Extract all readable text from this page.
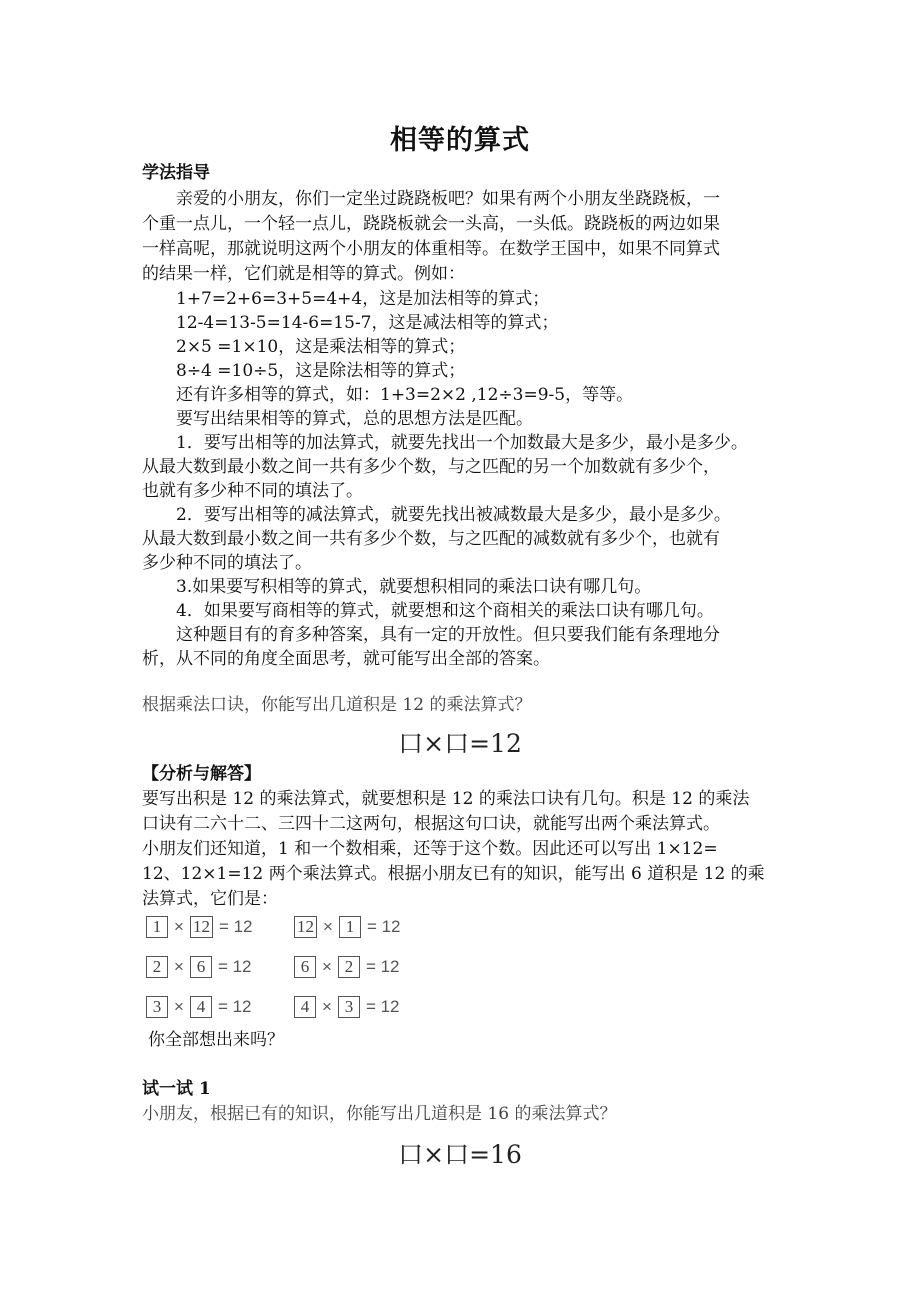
相等的算式
学法指导
亲爱的小朋友，你们一定坐过跷跷板吧？如果有两个小朋友坐跷跷板，一
个重一点儿，一个轻一点儿，跷跷板就会一头高，一头低。跷跷板的两边如果
一样高呢，那就说明这两个小朋友的体重相等。在数学王国中，如果不同算式
的结果一样，它们就是相等的算式。例如：
1+7=2+6=3+5=4+4，这是加法相等的算式；
12-4=13-5=14-6=15-7，这是减法相等的算式；
2×5 =1×10，这是乘法相等的算式；
8÷4 =10÷5，这是除法相等的算式；
还有许多相等的算式，如：1+3=2×2 ,12÷3=9-5，等等。
要写出结果相等的算式，总的思想方法是匹配。
1．要写出相等的加法算式，就要先找出一个加数最大是多少，最小是多少。
从最大数到最小数之间一共有多少个数，与之匹配的另一个加数就有多少个，
也就有多少种不同的填法了。
2．要写出相等的减法算式，就要先找出被减数最大是多少，最小是多少。
从最大数到最小数之间一共有多少个数，与之匹配的减数就有多少个，也就有
多少种不同的填法了。
3.如果要写积相等的算式，就要想积相同的乘法口诀有哪几句。
4．如果要写商相等的算式，就要想和这个商相关的乘法口诀有哪几句。
这种题目有的育多种答案，具有一定的开放性。但只要我们能有条理地分
析，从不同的角度全面思考，就可能写出全部的答案。
根据乘法口诀，你能写出几道积是 12 的乘法算式？
口×口=12
【分析与解答】
要写出积是 12 的乘法算式，就要想积是 12 的乘法口诀有几句。积是 12 的乘法
口诀有二六十二、三四十二这两句，根据这句口诀，就能写出两个乘法算式。
小朋友们还知道，1 和一个数相乘，还等于这个数。因此还可以写出 1×12=
12、12×1=12 两个乘法算式。根据小朋友已有的知识，能写出 6 道积是 12 的乘
法算式，它们是：
1 × 12 = 12	12 × 1 = 12
2 × 6 = 12	6 × 2 = 12
3 × 4 = 12	4 × 3 = 12
你全部想出来吗？
试一试 1
小朋友，根据已有的知识，你能写出几道积是 16 的乘法算式？
口×口=16
